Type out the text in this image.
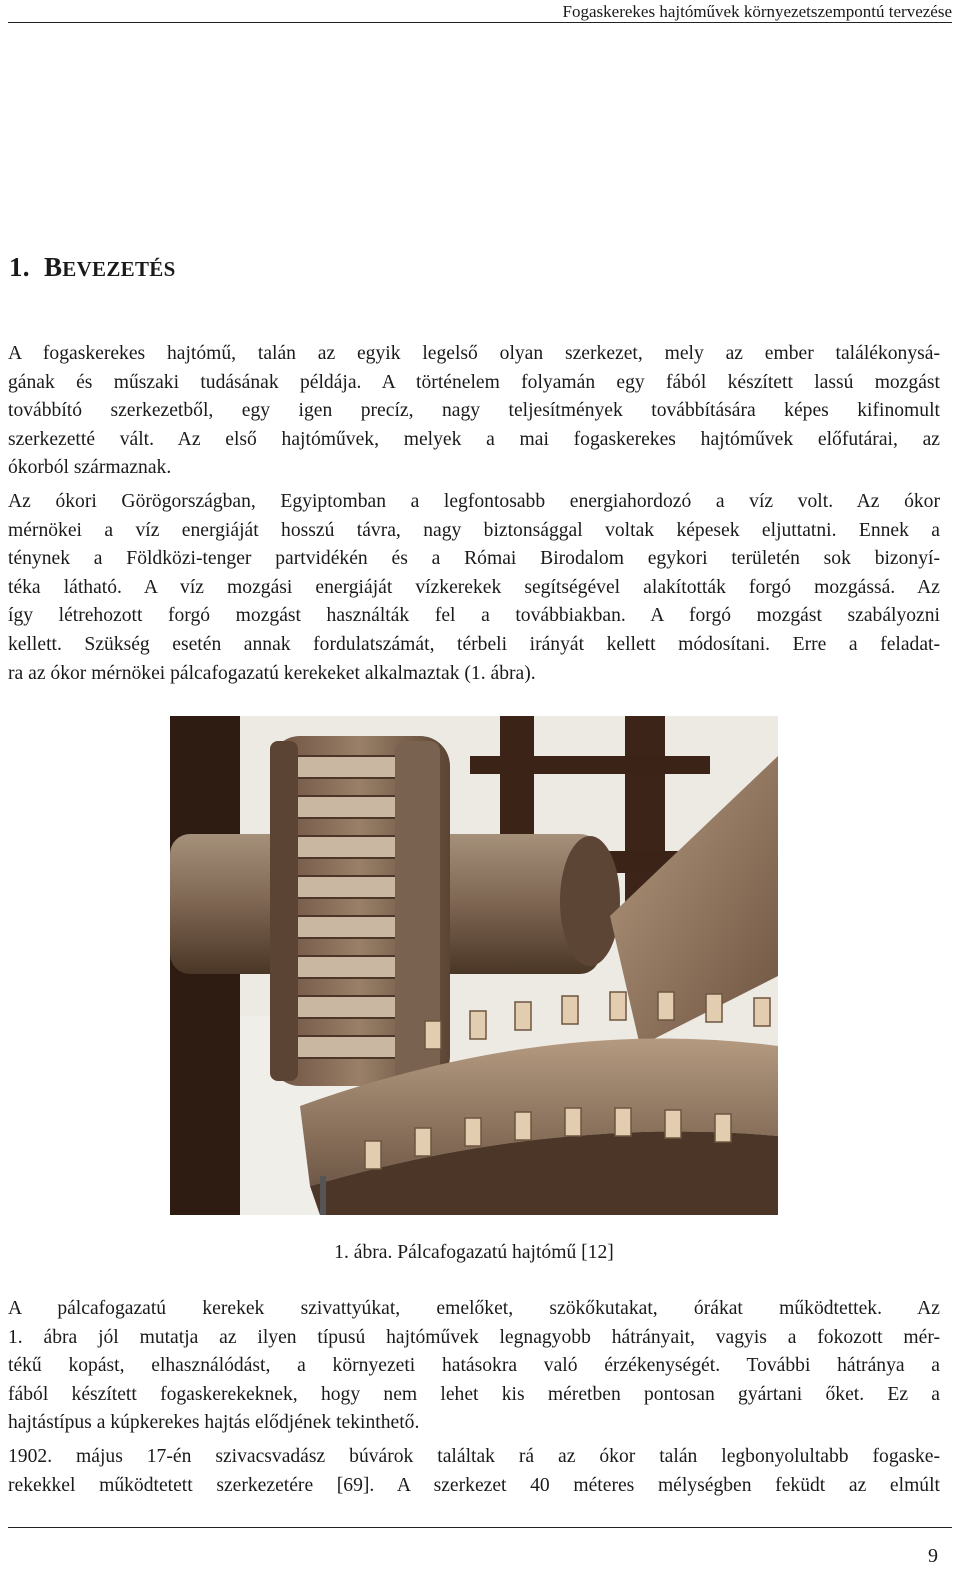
Fogaskerekes hajtóművek környezetszempontú tervezése
1. BEVEZETÉS
A fogaskerekes hajtómű, talán az egyik legelső olyan szerkezet, mely az ember találékonysá-
gának és műszaki tudásának példája. A történelem folyamán egy fából készített lassú mozgást
továbbító szerkezetből, egy igen precíz, nagy teljesítmények továbbítására képes kifinomult
szerkezetté vált. Az első hajtóművek, melyek a mai fogaskerekes hajtóművek előfutárai, az
ókorból származnak.
Az ókori Görögországban, Egyiptomban a legfontosabb energiahordozó a víz volt. Az ókor
mérnökei a víz energiáját hosszú távra, nagy biztonsággal voltak képesek eljuttatni. Ennek a
ténynek a Földközi-tenger partvidékén és a Római Birodalom egykori területén sok bizonyí-
téka látható. A víz mozgási energiáját vízkerekek segítségével alakították forgó mozgássá. Az
így létrehozott forgó mozgást használták fel a továbbiakban. A forgó mozgást szabályozni
kellett. Szükség esetén annak fordulatszámát, térbeli irányát kellett módosítani. Erre a feladat-
ra az ókor mérnökei pálcafogazatú kerekeket alkalmaztak (1. ábra).
1. ábra. Pálcafogazatú hajtómű [12]
A pálcafogazatú kerekek szivattyúkat, emelőket, szökőkutakat, órákat működtettek. Az
1. ábra jól mutatja az ilyen típusú hajtóművek legnagyobb hátrányait, vagyis a fokozott mér-
tékű kopást, elhasználódást, a környezeti hatásokra való érzékenységét. További hátránya a
fából készített fogaskerekeknek, hogy nem lehet kis méretben pontosan gyártani őket. Ez a
hajtástípus a kúpkerekes hajtás elődjének tekinthető.
1902. május 17-én szivacsvadász búvárok találtak rá az ókor talán legbonyolultabb fogaske-
rekekkel működtetett szerkezetére [69]. A szerkezet 40 méteres mélységben feküdt az elmúlt
9
